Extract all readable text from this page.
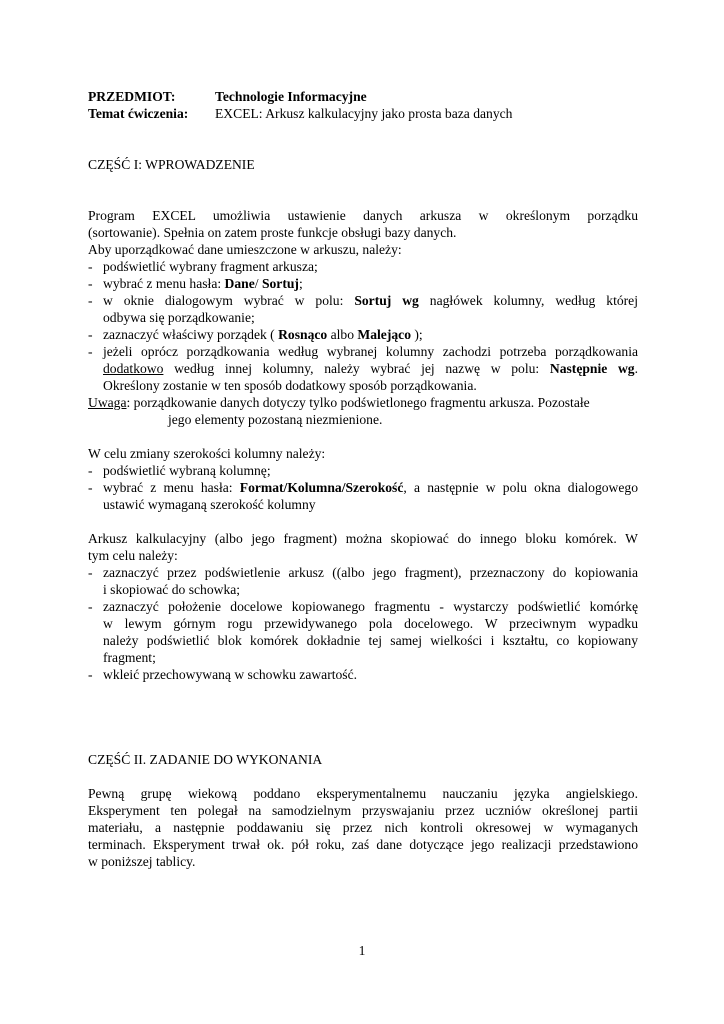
PRZEDMIOT:	Technologie Informacyjne
Temat ćwiczenia:	EXCEL: Arkusz kalkulacyjny jako prosta baza danych
CZĘŚĆ I: WPROWADZENIE
Program EXCEL umożliwia ustawienie danych arkusza w określonym porządku
(sortowanie). Spełnia on zatem proste funkcje obsługi bazy danych.
Aby uporządkować dane umieszczone w arkuszu, należy:
- podświetlić wybrany fragment arkusza;
- wybrać z menu hasła: Dane/ Sortuj;
- w oknie dialogowym wybrać w polu: Sortuj wg nagłówek kolumny, według której
odbywa się porządkowanie;
- zaznaczyć właściwy porządek ( Rosnąco albo Malejąco );
- jeżeli oprócz porządkowania według wybranej kolumny zachodzi potrzeba porządkowania
dodatkowo według innej kolumny, należy wybrać jej nazwę w polu: Następnie wg.
Określony zostanie w ten sposób dodatkowy sposób porządkowania.
Uwaga: porządkowanie danych dotyczy tylko podświetlonego fragmentu arkusza. Pozostałe
jego elementy pozostaną niezmienione.
W celu zmiany szerokości kolumny należy:
- podświetlić wybraną kolumnę;
- wybrać z menu hasła: Format/Kolumna/Szerokość, a następnie w polu okna dialogowego
ustawić wymaganą szerokość kolumny
Arkusz kalkulacyjny (albo jego fragment) można skopiować do innego bloku komórek. W
tym celu należy:
- zaznaczyć przez podświetlenie arkusz ((albo jego fragment), przeznaczony do kopiowania
i skopiować do schowka;
- zaznaczyć położenie docelowe kopiowanego fragmentu - wystarczy podświetlić komórkę
w lewym górnym rogu przewidywanego pola docelowego. W przeciwnym wypadku
należy podświetlić blok komórek dokładnie tej samej wielkości i kształtu, co kopiowany
fragment;
- wkleić przechowywaną w schowku zawartość.
CZĘŚĆ II. ZADANIE DO WYKONANIA
Pewną grupę wiekową poddano eksperymentalnemu nauczaniu języka angielskiego.
Eksperyment ten polegał na samodzielnym przyswajaniu przez uczniów określonej partii
materiału, a następnie poddawaniu się przez nich kontroli okresowej w wymaganych
terminach. Eksperyment trwał ok. pół roku, zaś dane dotyczące jego realizacji przedstawiono
w poniższej tablicy.
1
